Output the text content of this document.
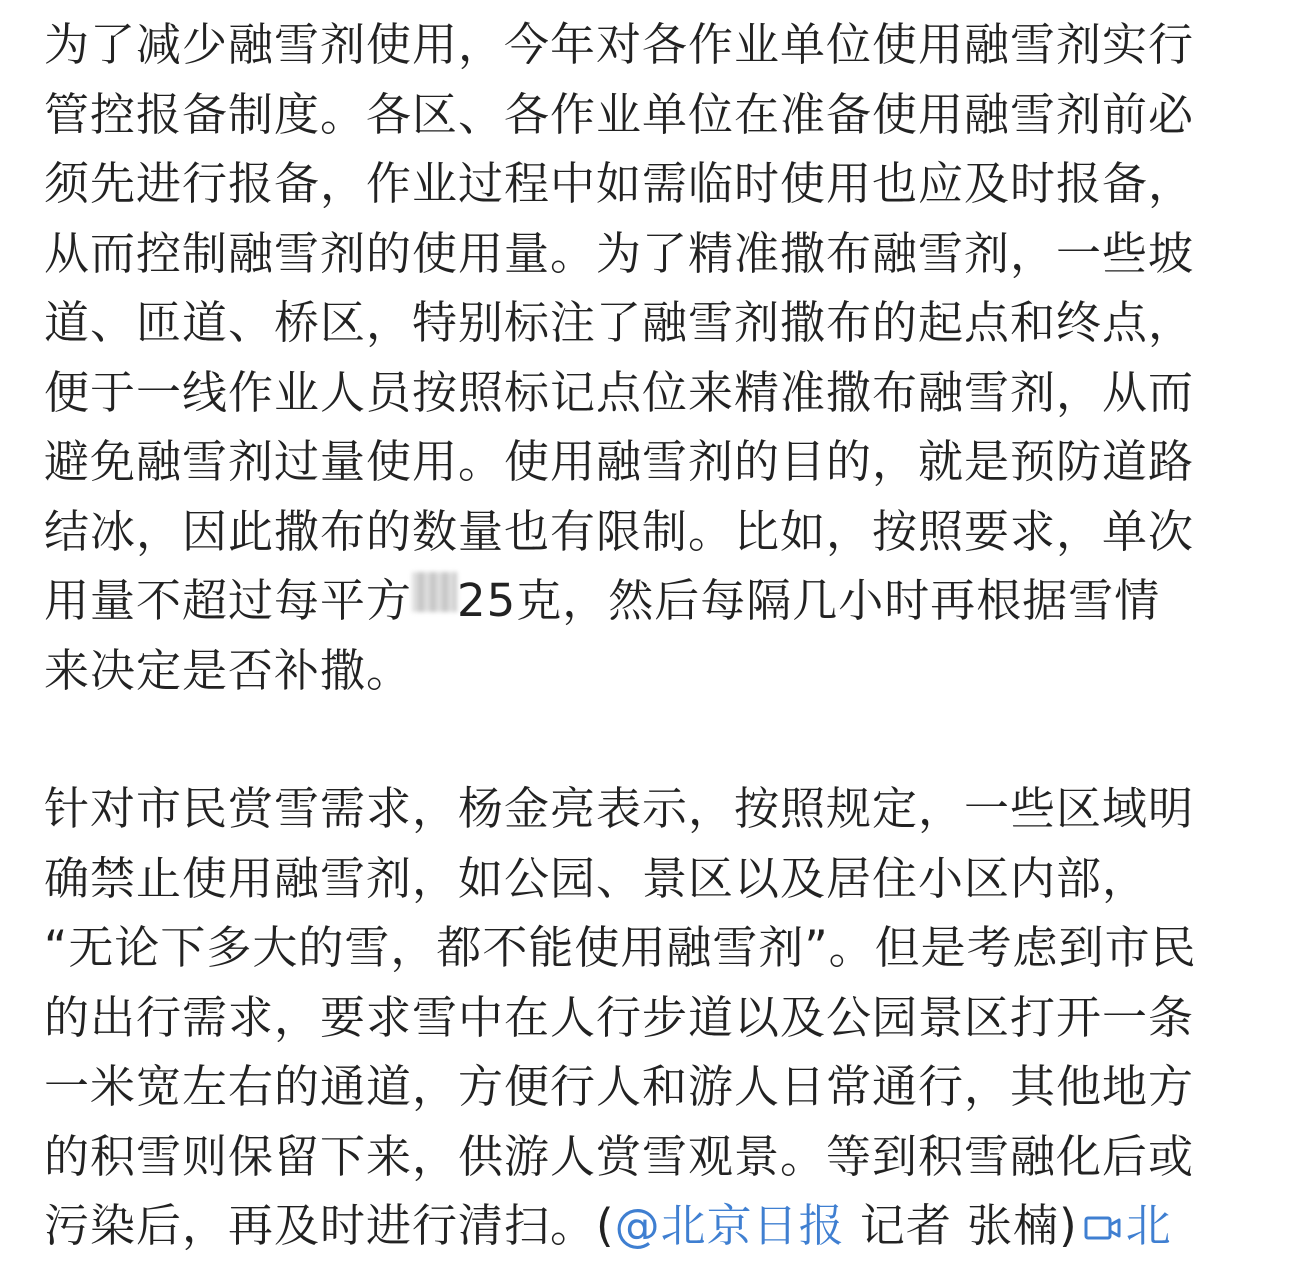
为了减少融雪剂使用，今年对各作业单位使用融雪剂实行
管控报备制度。各区、各作业单位在准备使用融雪剂前必
须先进行报备，作业过程中如需临时使用也应及时报备，
从而控制融雪剂的使用量。为了精准撒布融雪剂，一些坡
道、匝道、桥区，特别标注了融雪剂撒布的起点和终点，
便于一线作业人员按照标记点位来精准撒布融雪剂，从而
避免融雪剂过量使用。使用融雪剂的目的，就是预防道路
结冰，因此撒布的数量也有限制。比如，按照要求，单次
用量不超过每平方 25克，然后每隔几小时再根据雪情
来决定是否补撒。

针对市民赏雪需求，杨金亮表示，按照规定，一些区域明
确禁止使用融雪剂，如公园、景区以及居住小区内部，
“无论下多大的雪，都不能使用融雪剂”。但是考虑到市民
的出行需求，要求雪中在人行步道以及公园景区打开一条
一米宽左右的通道，方便行人和游人日常通行，其他地方
的积雪则保留下来，供游人赏雪观景。等到积雪融化后或
污染后，再及时进行清扫。(@北京日报 记者 张楠) 北
